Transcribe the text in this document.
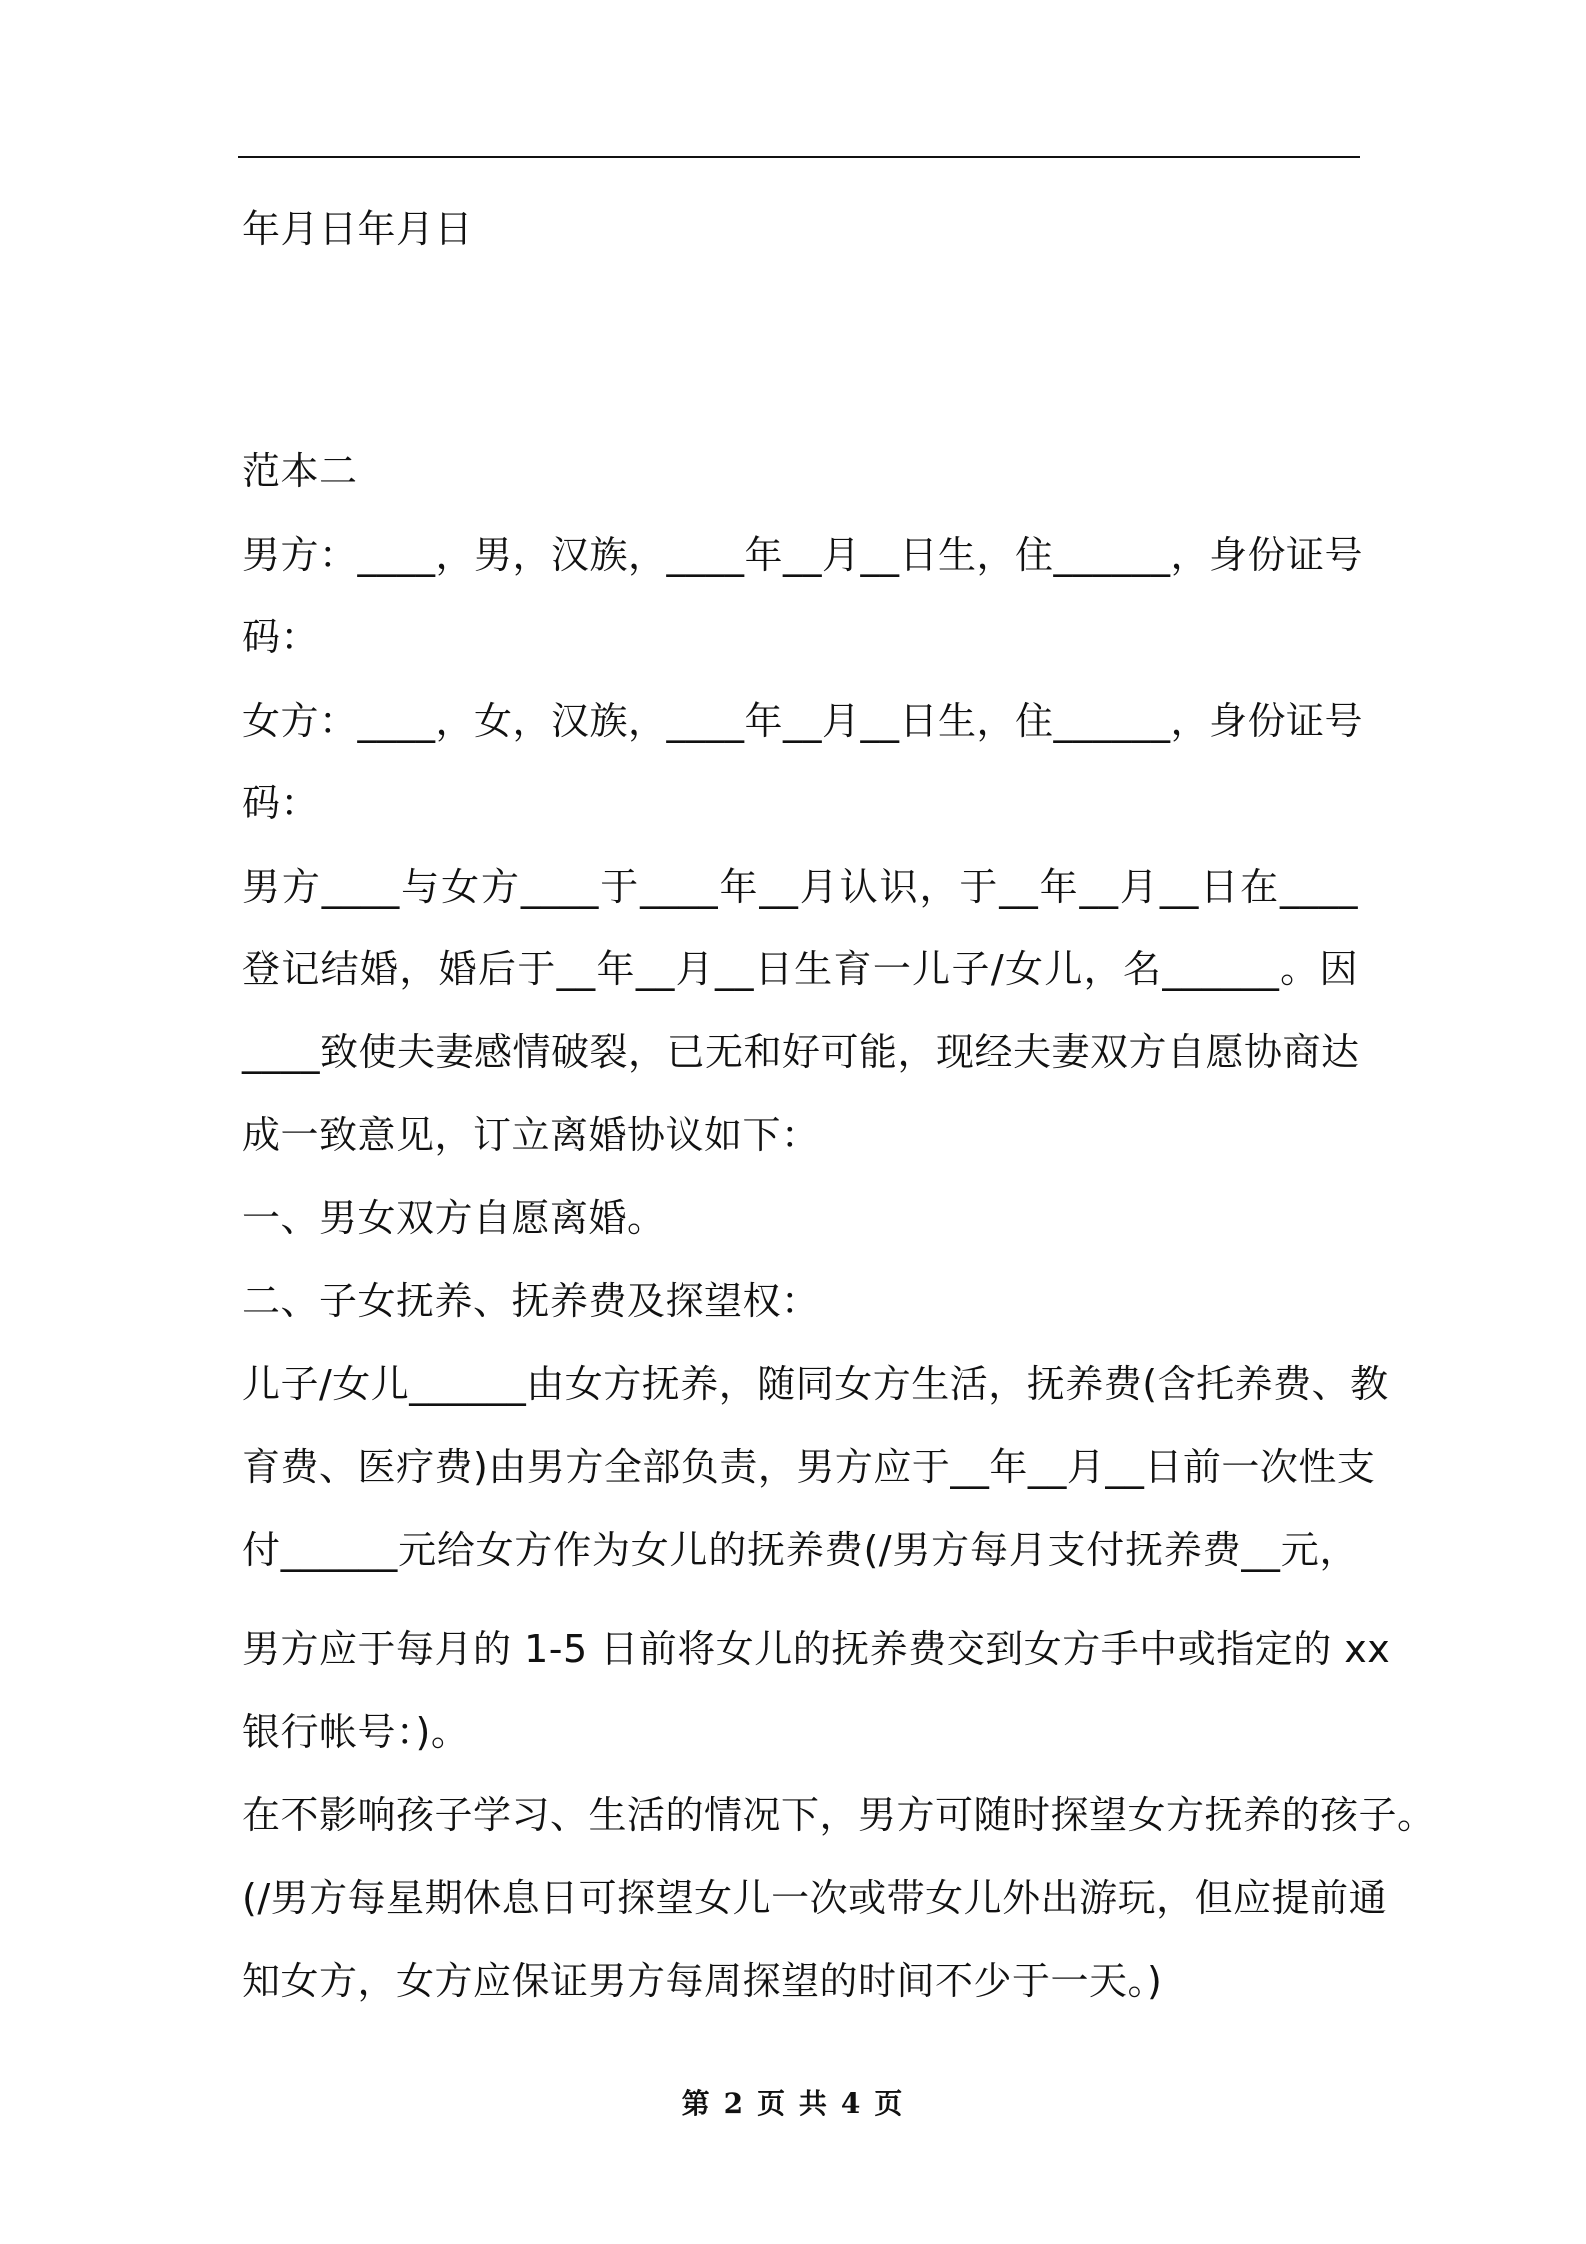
年月日年月日
范本二
男方：____，男，汉族，____年__月__日生，住______，身份证号
码：
女方：____，女，汉族，____年__月__日生，住______，身份证号
码：
男方____与女方____于____年__月认识，于__年__月__日在____
登记结婚，婚后于__年__月__日生育一儿子/女儿，名______。因
____致使夫妻感情破裂，已无和好可能，现经夫妻双方自愿协商达
成一致意见，订立离婚协议如下：
一、男女双方自愿离婚。
二、子女抚养、抚养费及探望权：
儿子/女儿______由女方抚养，随同女方生活，抚养费(含托养费、教
育费、医疗费)由男方全部负责，男方应于__年__月__日前一次性支
付______元给女方作为女儿的抚养费(/男方每月支付抚养费__元，
男方应于每月的 1-5 日前将女儿的抚养费交到女方手中或指定的 xx
银行帐号：)。
在不影响孩子学习、生活的情况下，男方可随时探望女方抚养的孩子。
(/男方每星期休息日可探望女儿一次或带女儿外出游玩，但应提前通
知女方，女方应保证男方每周探望的时间不少于一天。)
第 2 页 共 4 页
